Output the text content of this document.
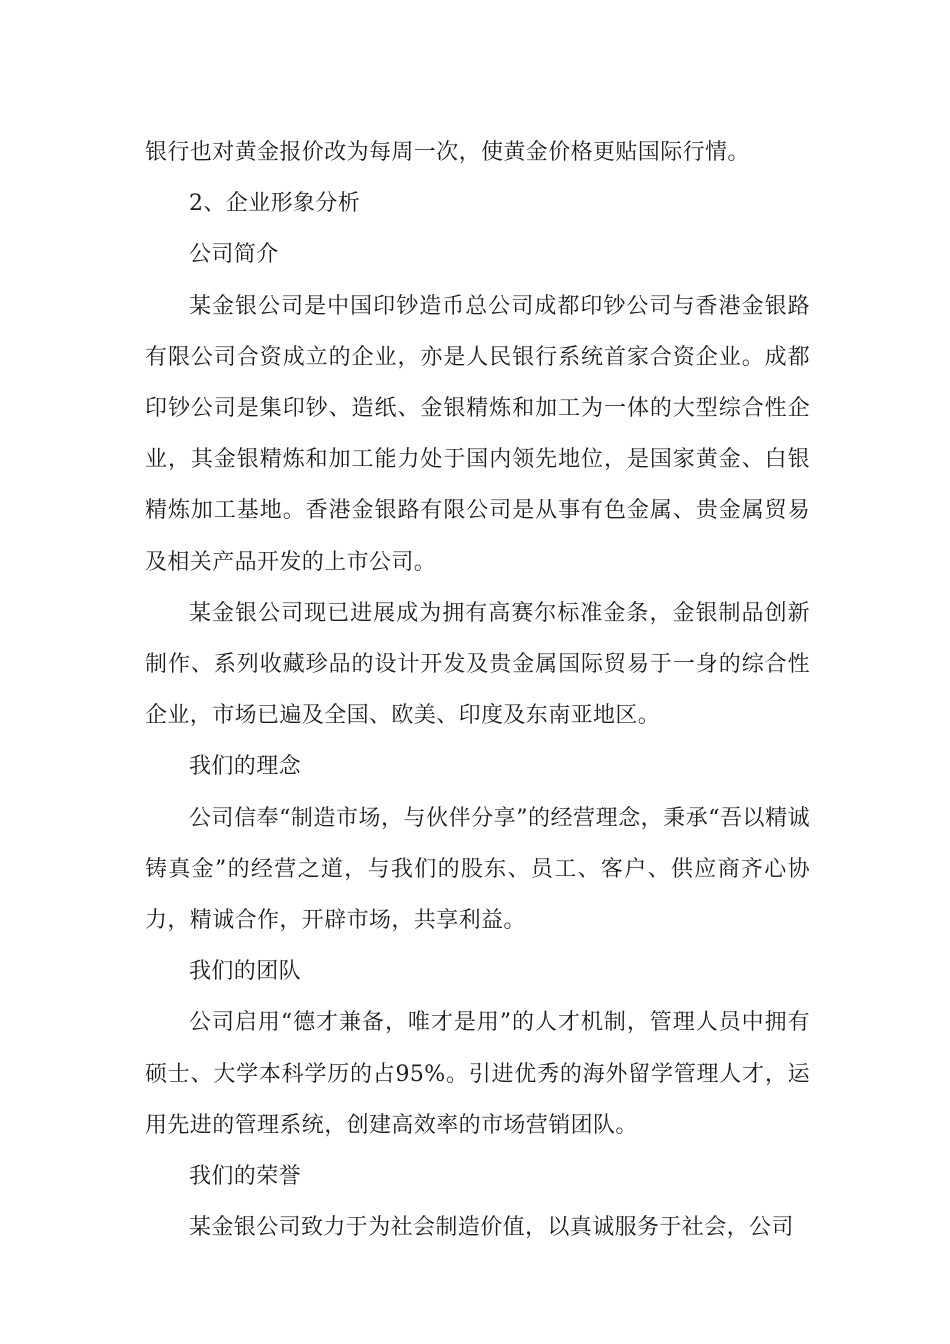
银行也对黄金报价改为每周一次，使黄金价格更贴国际行情。

2、企业形象分析

公司简介

某金银公司是中国印钞造币总公司成都印钞公司与香港金银路有限公司合资成立的企业，亦是人民银行系统首家合资企业。成都印钞公司是集印钞、造纸、金银精炼和加工为一体的大型综合性企业，其金银精炼和加工能力处于国内领先地位，是国家黄金、白银精炼加工基地。香港金银路有限公司是从事有色金属、贵金属贸易及相关产品开发的上市公司。

某金银公司现已进展成为拥有高赛尔标准金条，金银制品创新制作、系列收藏珍品的设计开发及贵金属国际贸易于一身的综合性企业，市场已遍及全国、欧美、印度及东南亚地区。

我们的理念

公司信奉“制造市场，与伙伴分享”的经营理念，秉承“吾以精诚铸真金”的经营之道，与我们的股东、员工、客户、供应商齐心协力，精诚合作，开辟市场，共享利益。

我们的团队

公司启用“德才兼备，唯才是用”的人才机制，管理人员中拥有硕士、大学本科学历的占95%。引进优秀的海外留学管理人才，运用先进的管理系统，创建高效率的市场营销团队。

我们的荣誉

某金银公司致力于为社会制造价值，以真诚服务于社会，公司
